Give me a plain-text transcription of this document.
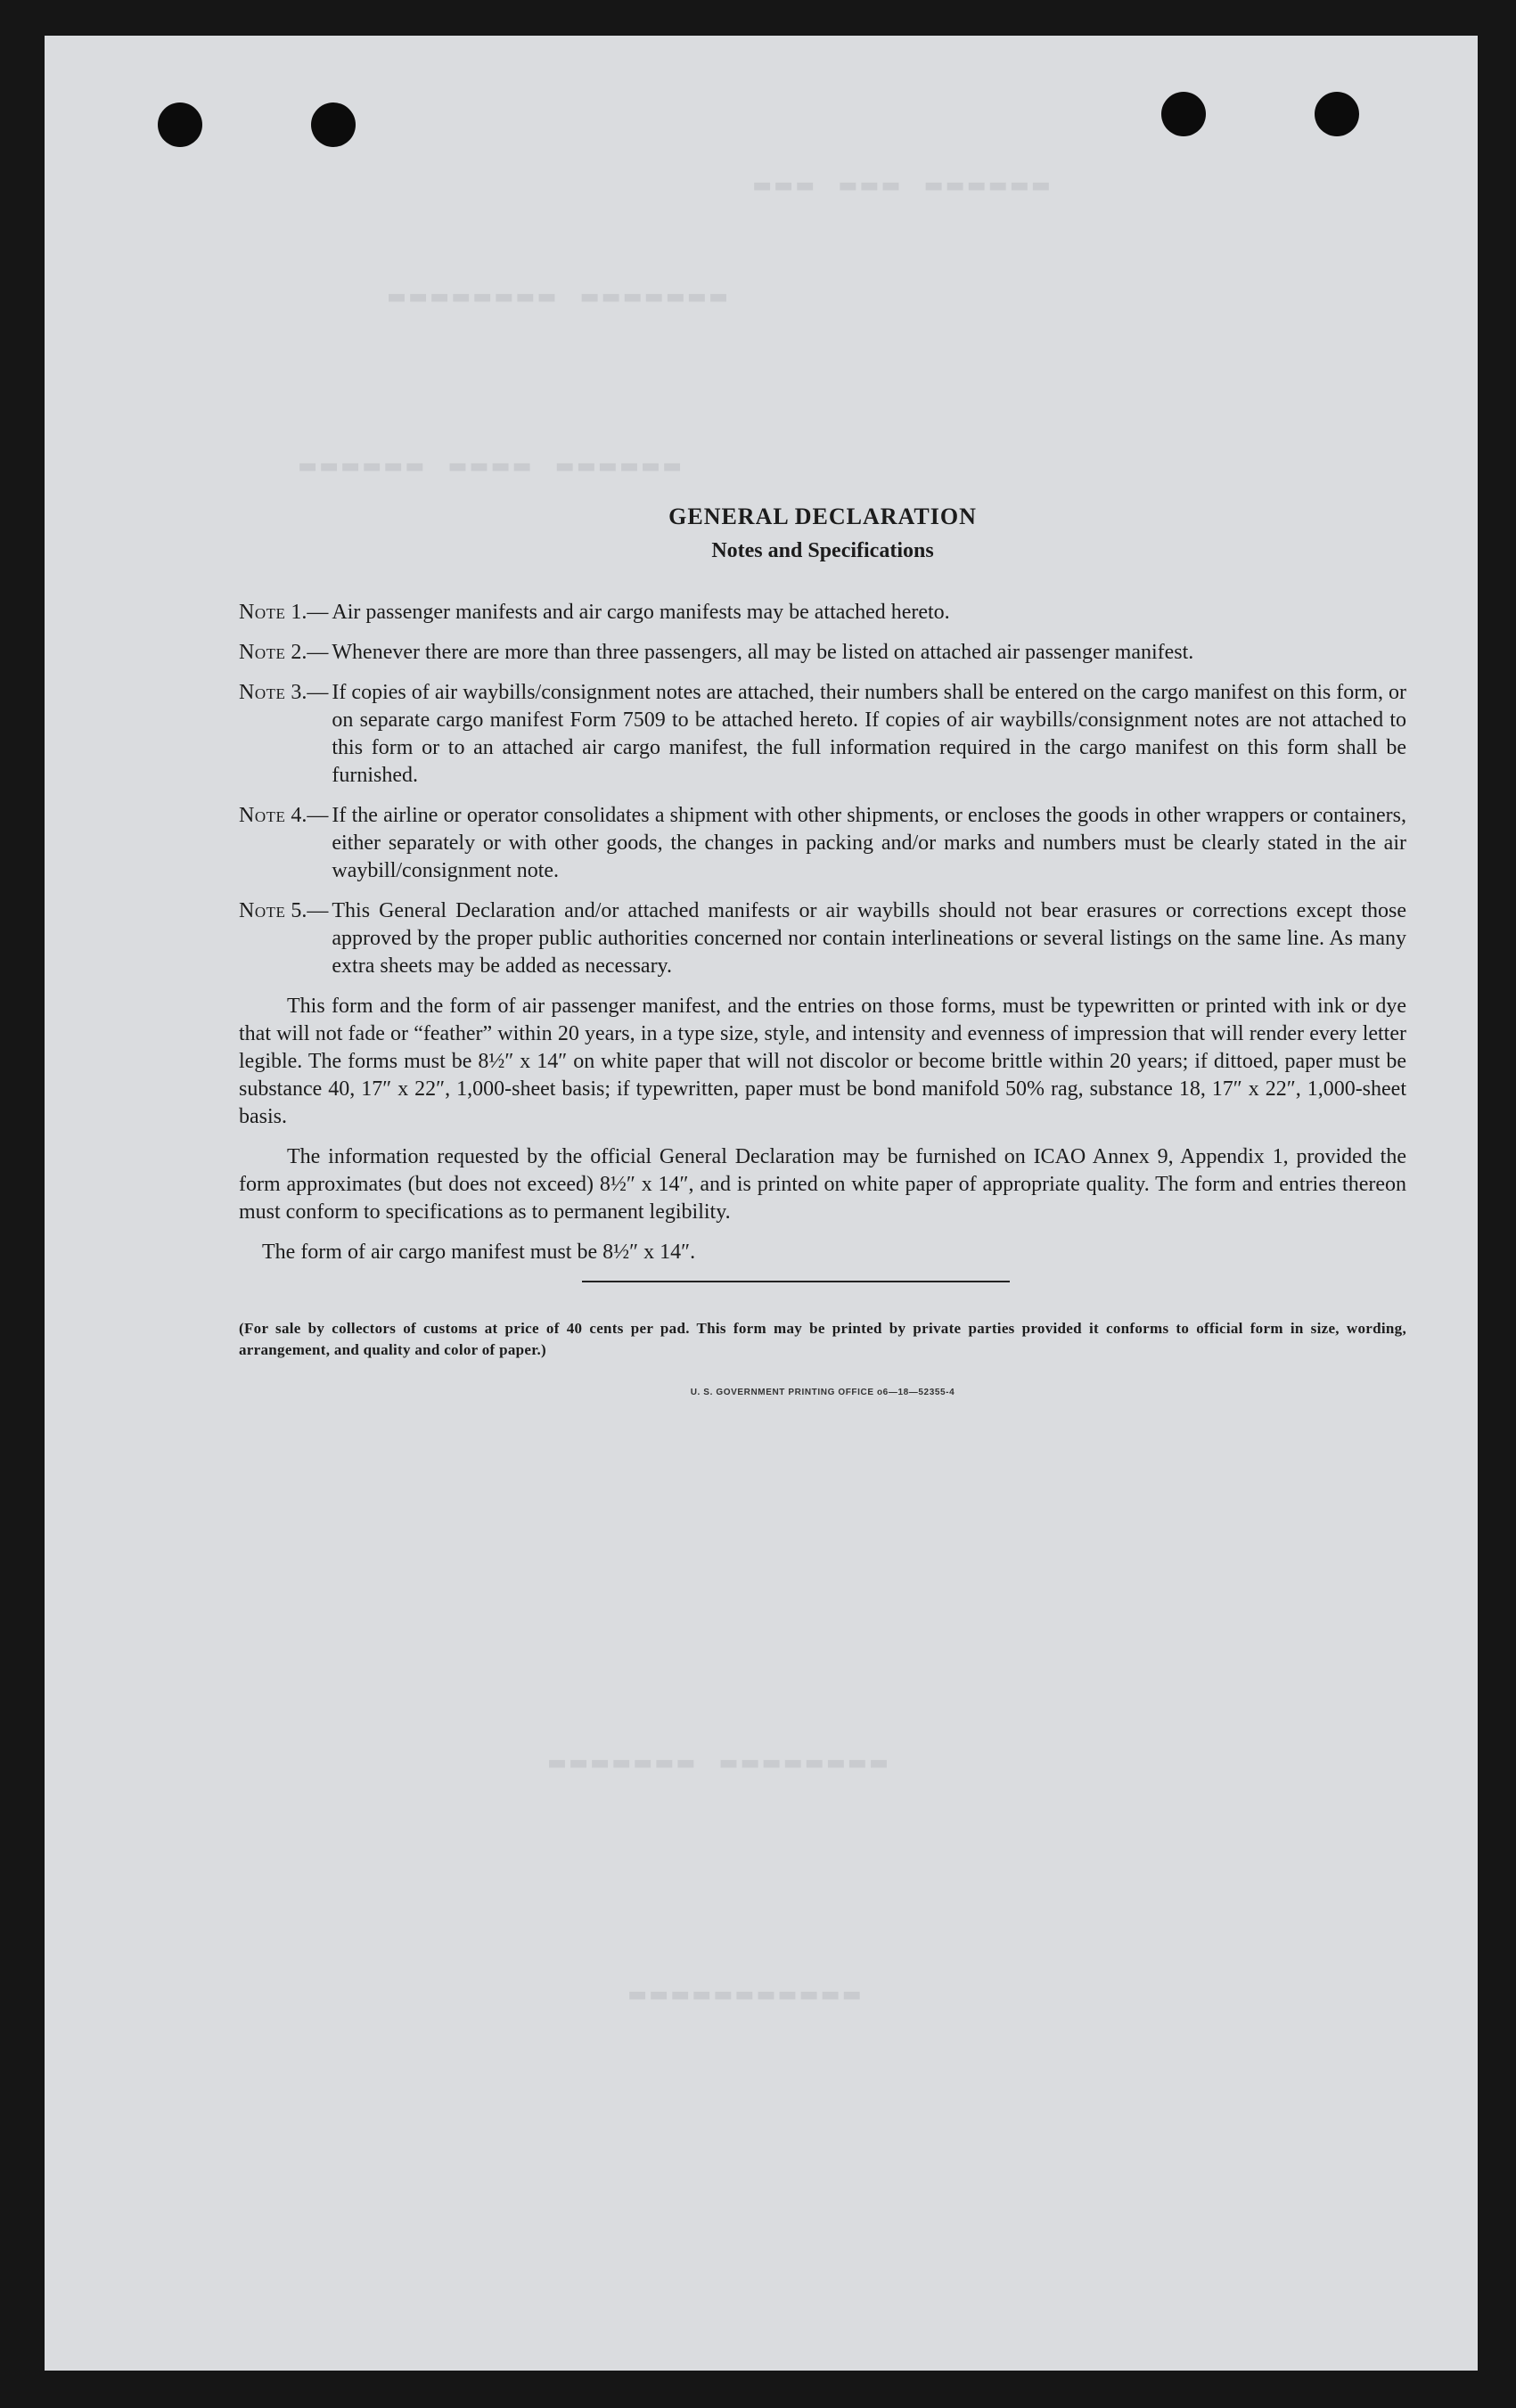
▬▬▬▬▬▬ ▬▬▬ ▬▬▬
▬▬▬▬▬▬▬ ▬▬▬▬▬▬▬▬
▬▬▬▬▬▬ ▬▬▬▬ ▬▬▬▬▬▬
▬▬▬▬▬▬▬▬ ▬▬▬▬▬▬▬
▬▬▬▬▬▬▬▬▬▬▬
GENERAL DECLARATION
Notes and Specifications
Note 1.— Air passenger manifests and air cargo manifests may be attached hereto.
Note 2.— Whenever there are more than three passengers, all may be listed on attached air passenger manifest.
Note 3.— If copies of air waybills/consignment notes are attached, their numbers shall be entered on the cargo manifest on this form, or on separate cargo manifest Form 7509 to be attached hereto. If copies of air waybills/consignment notes are not attached to this form or to an attached air cargo manifest, the full information required in the cargo manifest on this form shall be furnished.
Note 4.— If the airline or operator consolidates a shipment with other shipments, or encloses the goods in other wrappers or containers, either separately or with other goods, the changes in packing and/or marks and numbers must be clearly stated in the air waybill/consignment note.
Note 5.— This General Declaration and/or attached manifests or air waybills should not bear erasures or corrections except those approved by the proper public authorities concerned nor contain interlineations or several listings on the same line. As many extra sheets may be added as necessary.

This form and the form of air passenger manifest, and the entries on those forms, must be typewritten or printed with ink or dye that will not fade or “feather” within 20 years, in a type size, style, and intensity and evenness of impression that will render every letter legible. The forms must be 8½″ x 14″ on white paper that will not discolor or become brittle within 20 years; if dittoed, paper must be substance 40, 17″ x 22″, 1,000-sheet basis; if typewritten, paper must be bond manifold 50% rag, substance 18, 17″ x 22″, 1,000-sheet basis.

The information requested by the official General Declaration may be furnished on ICAO Annex 9, Appendix 1, provided the form approximates (but does not exceed) 8½″ x 14″, and is printed on white paper of appropriate quality. The form and entries thereon must conform to specifications as to permanent legibility.

The form of air cargo manifest must be 8½″ x 14″.

(For sale by collectors of customs at price of 40 cents per pad. This form may be printed by private parties provided it conforms to official form in size, wording, arrangement, and quality and color of paper.)
U. S. GOVERNMENT PRINTING OFFICE o6—18—52355-4
